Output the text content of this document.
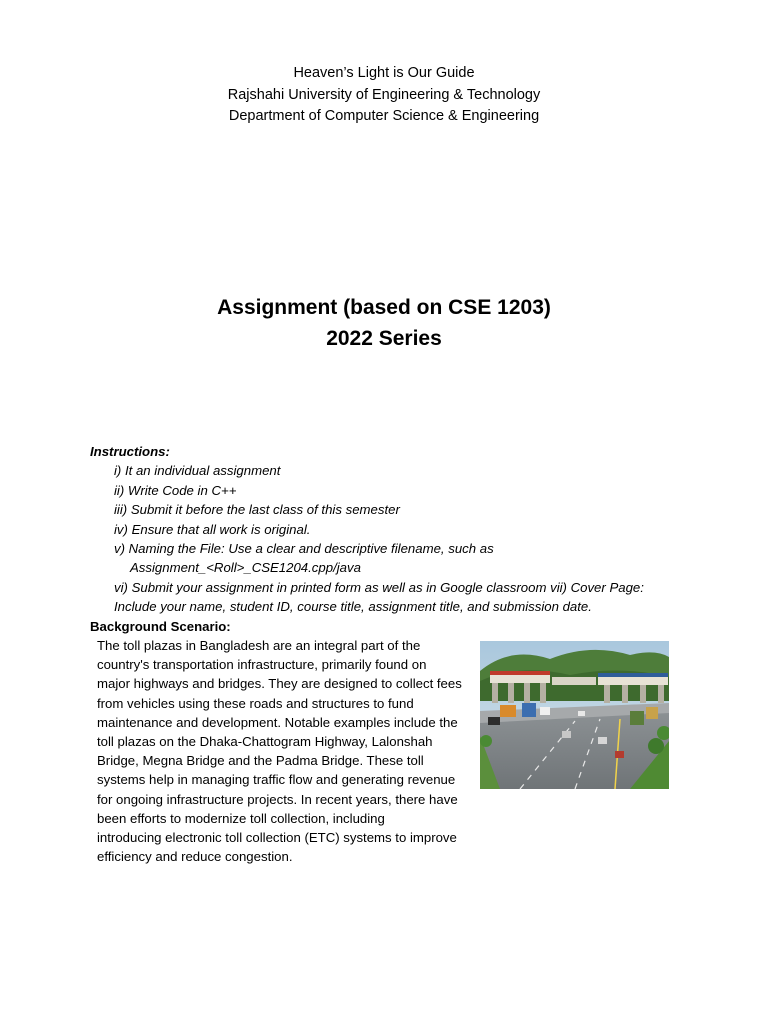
Heaven’s Light is Our Guide
Rajshahi University of Engineering & Technology
Department of Computer Science & Engineering
Assignment (based on CSE 1203)
2022 Series
Instructions:
i) It an individual assignment
ii) Write Code in C++
iii) Submit it before the last class of this semester
iv) Ensure that all work is original.
v) Naming the File: Use a clear and descriptive filename, such as
Assignment_<Roll>_CSE1204.cpp/java
vi) Submit your assignment in printed form as well as in Google classroom vii) Cover Page:
Include your name, student ID, course title, assignment title, and submission date.
Background Scenario:
The toll plazas in Bangladesh are an integral part of the
country's transportation infrastructure, primarily found on
major highways and bridges. They are designed to collect fees
from vehicles using these roads and structures to fund
maintenance and development. Notable examples include the
toll plazas on the Dhaka-Chattogram Highway, Lalonshah
Bridge, Megna Bridge and the Padma Bridge. These toll
systems help in managing traffic flow and generating revenue
for ongoing infrastructure projects. In recent years, there have
been efforts to modernize toll collection, including
introducing electronic toll collection (ETC) systems to improve
efficiency and reduce congestion.
